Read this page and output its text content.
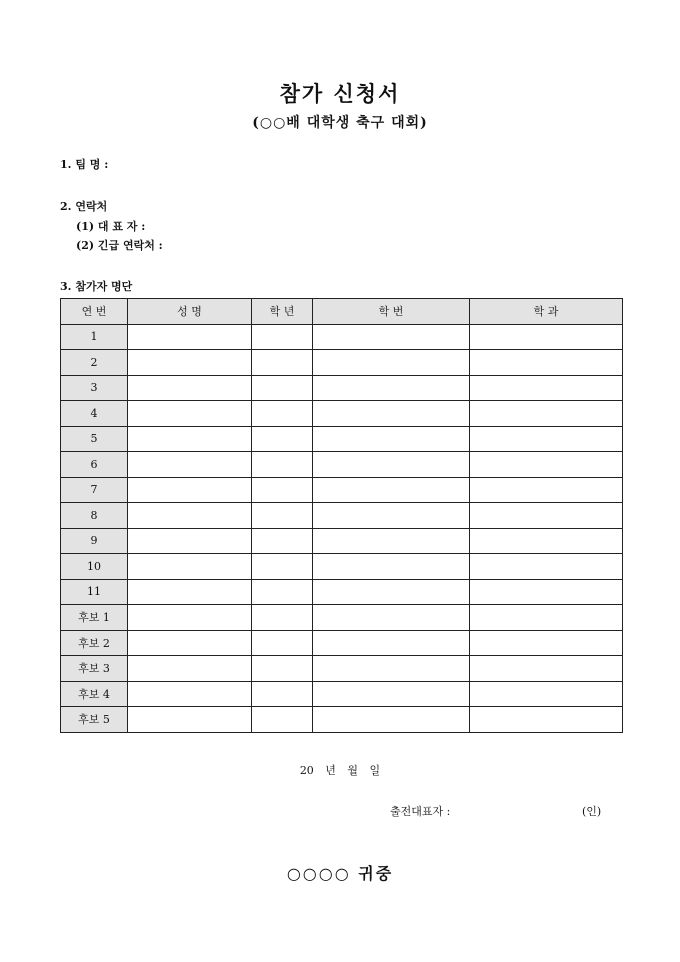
참가 신청서
(○○배 대학생 축구 대회)
1. 팀 명 :
2. 연락처
(1) 대 표 자 :
(2) 긴급 연락처 :
3. 참가자 명단
연 번	성 명	학 년	학 번	학 과
1				
2				
3				
4				
5				
6				
7				
8				
9				
10				
11				
후보 1				
후보 2				
후보 3				
후보 4				
후보 5				
20 년 월 일
출전대표자 :	(인)
○○○○ 귀중
